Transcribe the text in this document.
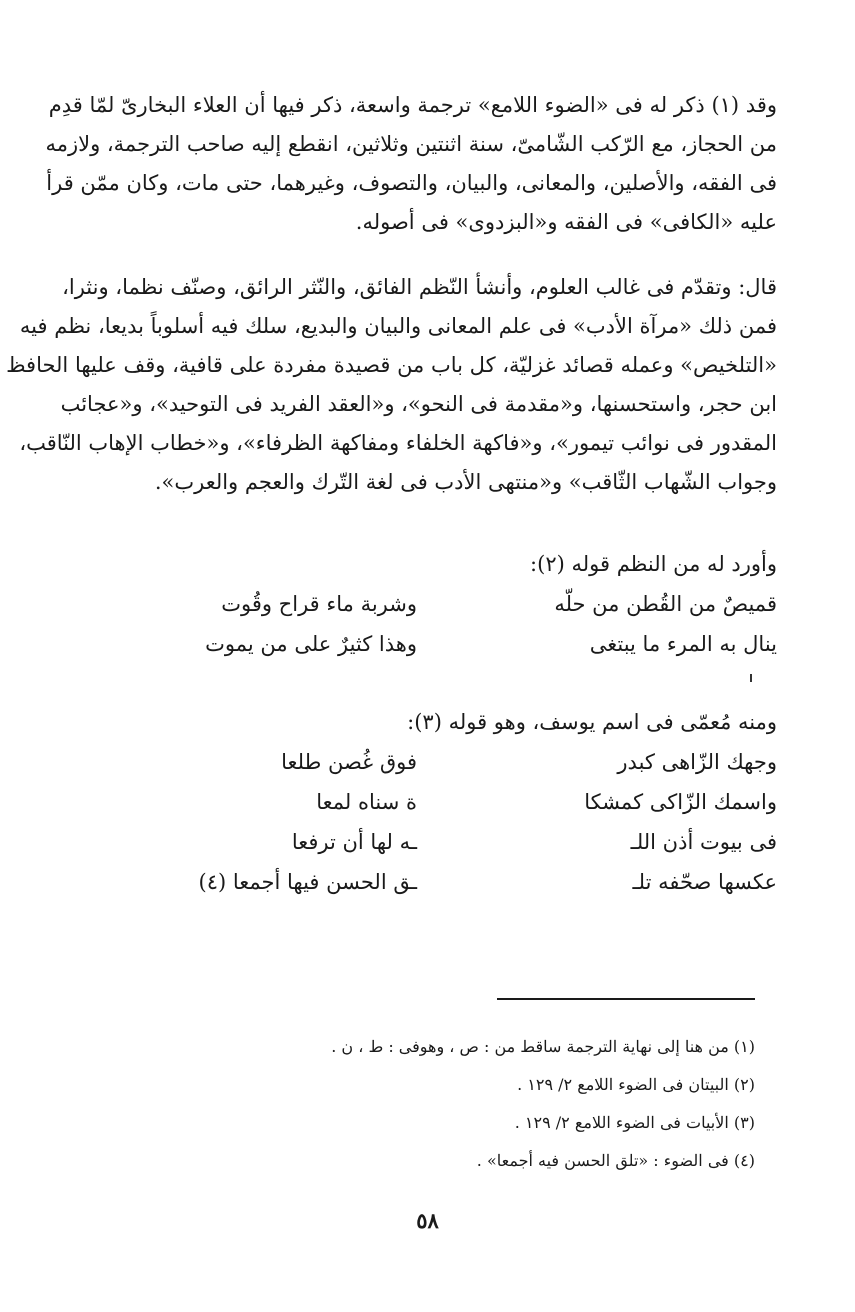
وقد (١) ذكر له فى «الضوء اللامع» ترجمة واسعة، ذكر فيها أن العلاء البخارىّ لمّا قدِم
من الحجاز، مع الرّكب الشّامىّ، سنة اثنتين وثلاثين، انقطع إليه صاحب الترجمة، ولازمه
فى الفقه، والأصلين، والمعانى، والبيان، والتصوف، وغيرهما، حتى مات، وكان ممّن قرأ
عليه «الكافى» فى الفقه و«البزدوى» فى أصوله.
قال: وتقدّم فى غالب العلوم، وأنشأ النّظم الفائق، والنّثر الرائق، وصنّف نظما، ونثرا،
فمن ذلك «مرآة الأدب» فى علم المعانى والبيان والبديع، سلك فيه أسلوباً بديعا، نظم فيه
«التلخيص» وعمله قصائد غزليّة، كل باب من قصيدة مفردة على قافية، وقف عليها الحافظ
ابن حجر، واستحسنها، و«مقدمة فى النحو»، و«العقد الفريد فى التوحيد»، و«عجائب
المقدور فى نوائب تيمور»، و«فاكهة الخلفاء ومفاكهة الظرفاء»، و«خطاب الإهاب النّاقب،
وجواب الشّهاب الثّاقب» و«منتهى الأدب فى لغة التّرك والعجم والعرب».
وأورد له من النظم قوله (٢):
قميصٌ من القُطن من حلّه
وشربة ماء قراح وقُوت
ينال به المرء ما يبتغى
وهذا كثيرٌ على من يموت
ومنه مُعمّى فى اسم يوسف، وهو قوله (٣):
وجهك الزّاهى كبدر
فوق غُصن طلعا
واسمك الزّاكى كمشكا
ة سناه لمعا
فى بيوت أذن اللـ
ـه لها أن ترفعا
عكسها صحّفه تلـ
ـق الحسن فيها أجمعا (٤)
(١) من هنا إلى نهاية الترجمة ساقط من : ص ، وهوفى : ط ، ن .
(٢) البيتان فى الضوء اللامع ٢/ ١٢٩ .
(٣) الأبيات فى الضوء اللامع ٢/ ١٢٩ .
(٤) فى الضوء : «تلق الحسن فيه أجمعا» .
٥٨
